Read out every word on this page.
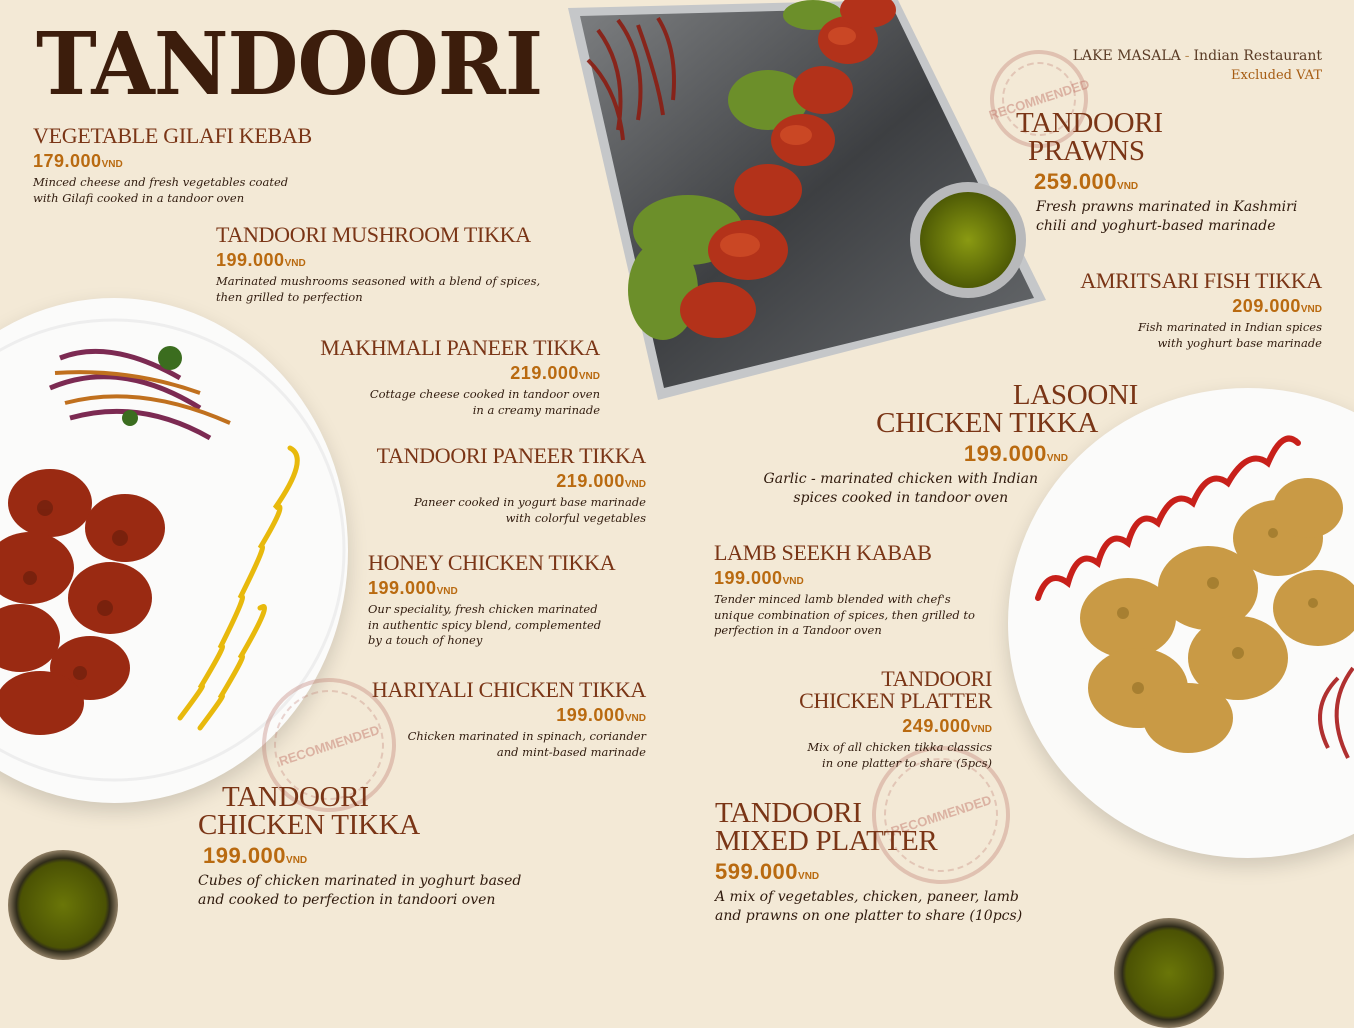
RECOMMENDED
RECOMMENDED
RECOMMENDED
TANDOORI	LAKE MASALA - Indian Restaurant
Excluded VAT
VEGETABLE GILAFI KEBAB
179.000VND
Minced cheese and fresh vegetables coated
with Gilafi cooked in a tandoor oven
TANDOORI MUSHROOM TIKKA
199.000VND
Marinated mushrooms seasoned with a blend of spices,
then grilled to perfection
MAKHMALI PANEER TIKKA
219.000VND
Cottage cheese cooked in tandoor oven
in a creamy marinade
TANDOORI PANEER TIKKA
219.000VND
Paneer cooked in yogurt base marinade
with colorful vegetables
HONEY CHICKEN TIKKA
199.000VND
Our speciality, fresh chicken marinated
in authentic spicy blend, complemented
by a touch of honey
HARIYALI CHICKEN TIKKA
199.000VND
Chicken marinated in spinach, coriander
and mint-based marinade
TANDOORI
CHICKEN TIKKA
199.000VND
Cubes of chicken marinated in yoghurt based
and cooked to perfection in tandoori oven
TANDOORI
PRAWNS
259.000VND
Fresh prawns marinated in Kashmiri
chili and yoghurt-based marinade
AMRITSARI FISH TIKKA
209.000VND
Fish marinated in Indian spices
with yoghurt base marinade
LASOONI
CHICKEN TIKKA
199.000VND
Garlic - marinated chicken with Indian
spices cooked in tandoor oven
LAMB SEEKH KABAB
199.000VND
Tender minced lamb blended with chef's
unique combination of spices, then grilled to
perfection in a Tandoor oven
TANDOORI
CHICKEN PLATTER
249.000VND
Mix of all chicken tikka classics
in one platter to share (5pcs)
TANDOORI
MIXED PLATTER
599.000VND
A mix of vegetables, chicken, paneer, lamb
and prawns on one platter to share (10pcs)
